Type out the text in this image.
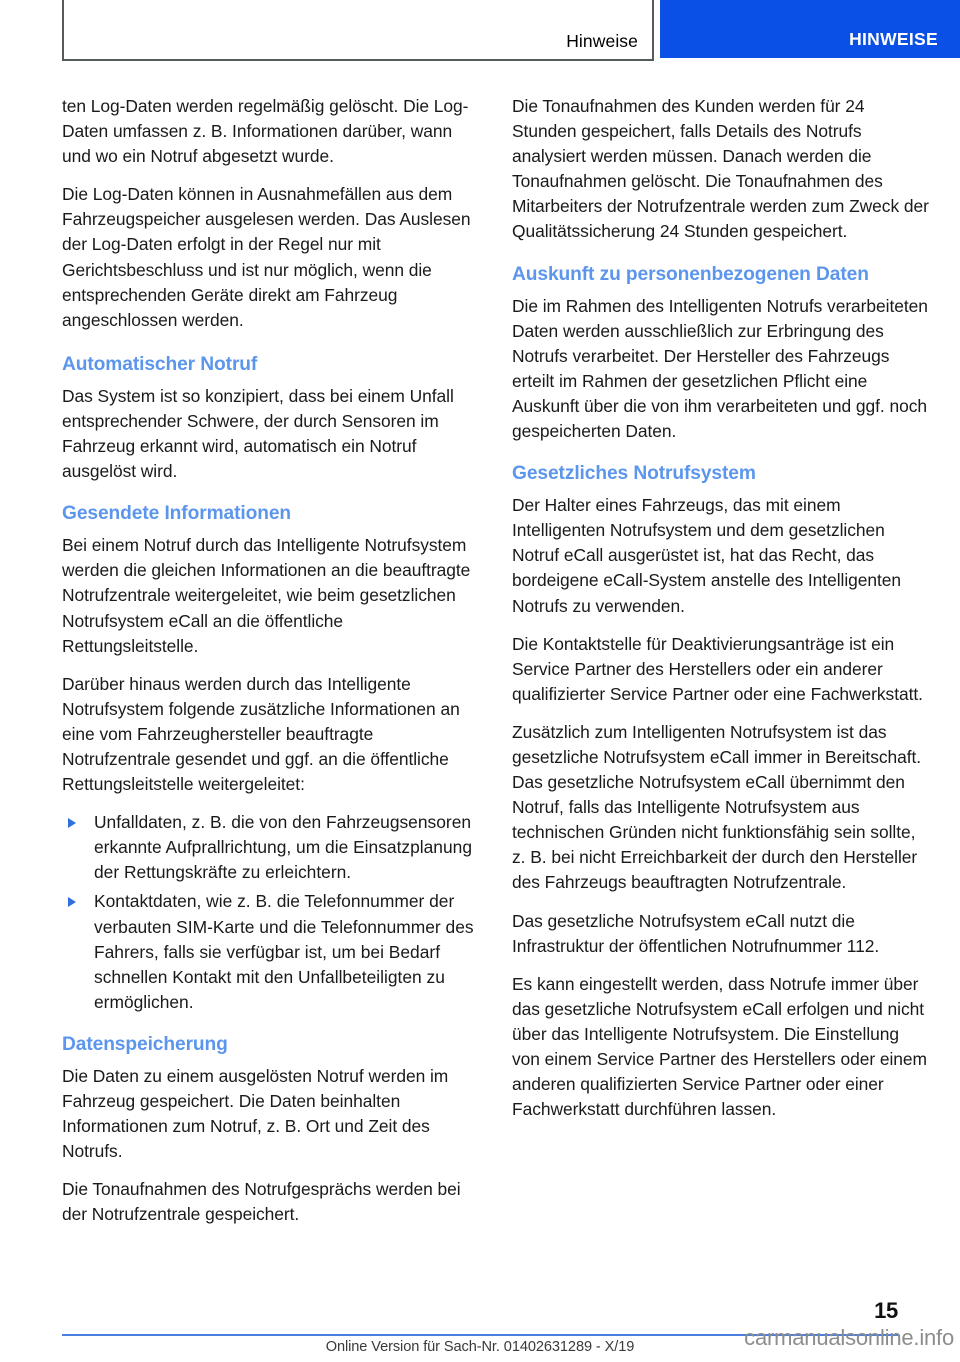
Hinweise	HINWEISE

ten Log-Daten werden regelmäßig gelöscht. Die Log-Daten umfassen z. B. Informationen darüber, wann und wo ein Notruf abgesetzt wurde.

Die Log-Daten können in Ausnahmefällen aus dem Fahrzeugspeicher ausgelesen werden. Das Auslesen der Log-Daten erfolgt in der Regel nur mit Gerichtsbeschluss und ist nur möglich, wenn die entsprechenden Geräte direkt am Fahrzeug angeschlossen werden.

Automatischer Notruf

Das System ist so konzipiert, dass bei einem Unfall entsprechender Schwere, der durch Sensoren im Fahrzeug erkannt wird, automatisch ein Notruf ausgelöst wird.

Gesendete Informationen

Bei einem Notruf durch das Intelligente Notrufsystem werden die gleichen Informationen an die beauftragte Notrufzentrale weitergeleitet, wie beim gesetzlichen Notrufsystem eCall an die öffentliche Rettungsleitstelle.

Darüber hinaus werden durch das Intelligente Notrufsystem folgende zusätzliche Informationen an eine vom Fahrzeughersteller beauftragte Notrufzentrale gesendet und ggf. an die öffentliche Rettungsleitstelle weitergeleitet:

Unfalldaten, z. B. die von den Fahrzeugsensoren erkannte Aufprallrichtung, um die Einsatzplanung der Rettungskräfte zu erleichtern.
Kontaktdaten, wie z. B. die Telefonnummer der verbauten SIM-Karte und die Telefonnummer des Fahrers, falls sie verfügbar ist, um bei Bedarf schnellen Kontakt mit den Unfallbeteiligten zu ermöglichen.
Datenspeicherung

Die Daten zu einem ausgelösten Notruf werden im Fahrzeug gespeichert. Die Daten beinhalten Informationen zum Notruf, z. B. Ort und Zeit des Notrufs.

Die Tonaufnahmen des Notrufgesprächs werden bei der Notrufzentrale gespeichert.

Die Tonaufnahmen des Kunden werden für 24 Stunden gespeichert, falls Details des Notrufs analysiert werden müssen. Danach werden die Tonaufnahmen gelöscht. Die Tonaufnahmen des Mitarbeiters der Notrufzentrale werden zum Zweck der Qualitätssicherung 24 Stunden gespeichert.

Auskunft zu personenbezogenen Daten

Die im Rahmen des Intelligenten Notrufs verarbeiteten Daten werden ausschließlich zur Erbringung des Notrufs verarbeitet. Der Hersteller des Fahrzeugs erteilt im Rahmen der gesetzlichen Pflicht eine Auskunft über die von ihm verarbeiteten und ggf. noch gespeicherten Daten.

Gesetzliches Notrufsystem

Der Halter eines Fahrzeugs, das mit einem Intelligenten Notrufsystem und dem gesetzlichen Notruf eCall ausgerüstet ist, hat das Recht, das bordeigene eCall-System anstelle des Intelligenten Notrufs zu verwenden.

Die Kontaktstelle für Deaktivierungsanträge ist ein Service Partner des Herstellers oder ein anderer qualifizierter Service Partner oder eine Fachwerkstatt.

Zusätzlich zum Intelligenten Notrufsystem ist das gesetzliche Notrufsystem eCall immer in Bereitschaft. Das gesetzliche Notrufsystem eCall übernimmt den Notruf, falls das Intelligente Notrufsystem aus technischen Gründen nicht funktionsfähig sein sollte, z. B. bei nicht Erreichbarkeit der durch den Hersteller des Fahrzeugs beauftragten Notrufzentrale.

Das gesetzliche Notrufsystem eCall nutzt die Infrastruktur der öffentlichen Notrufnummer 112.

Es kann eingestellt werden, dass Notrufe immer über das gesetzliche Notrufsystem eCall erfolgen und nicht über das Intelligente Notrufsystem. Die Einstellung von einem Service Partner des Herstellers oder einem anderen qualifizierten Service Partner oder einer Fachwerkstatt durchführen lassen.

15
Online Version für Sach-Nr. 01402631289 - X/19	carmanualsonline.info
